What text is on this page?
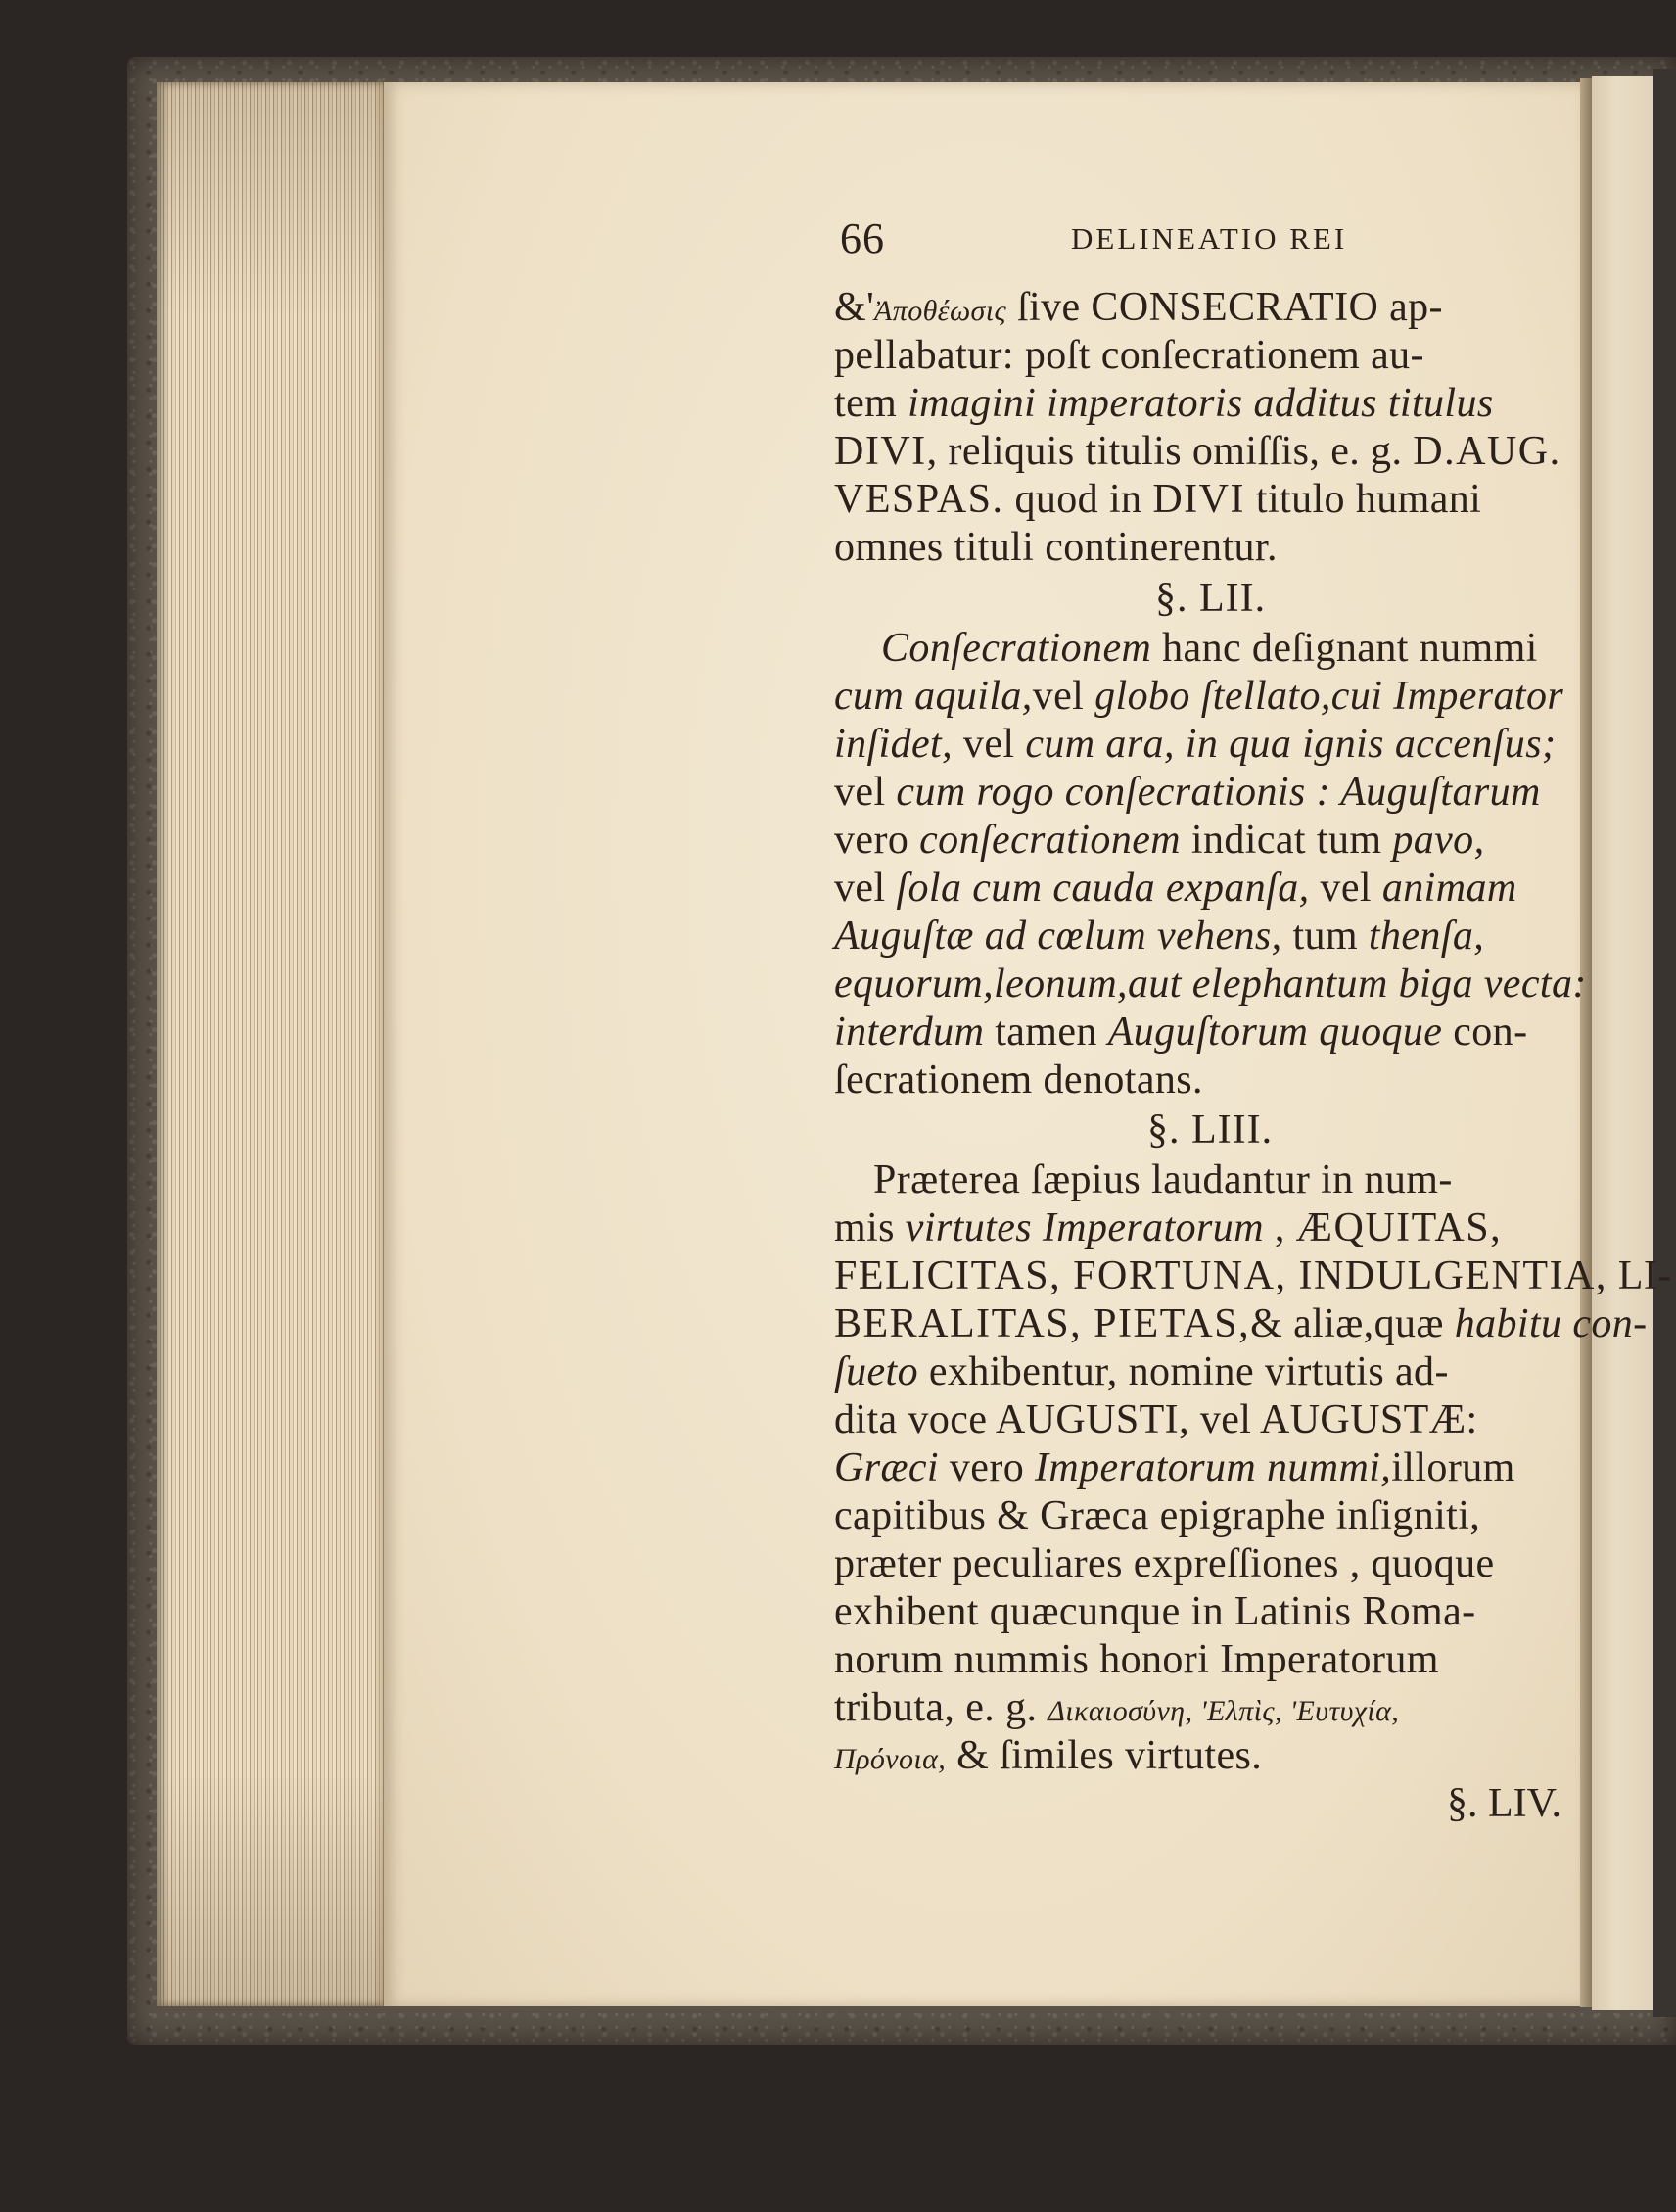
66	DELINEATIO REI
&'Ἀποθέωσις ſive CONSECRATIO ap-
pellabatur: poſt conſecrationem au-
tem imagini imperatoris additus titulus
DIVI, reliquis titulis omiſſis, e. g. D.AUG.
VESPAS. quod in DIVI titulo humani
omnes tituli continerentur.
§. LII.
Conſecrationem hanc deſignant nummi
cum aquila,vel globo ſtellato,cui Imperator
inſidet, vel cum ara, in qua ignis accenſus;
vel cum rogo conſecrationis : Auguſtarum
vero conſecrationem indicat tum pavo,
vel ſola cum cauda expanſa, vel animam
Auguſtæ ad cœlum vehens, tum thenſa,
equorum,leonum,aut elephantum biga vecta:
interdum tamen Auguſtorum quoque con-
ſecrationem denotans.
§. LIII.
Præterea ſæpius laudantur in num-
mis virtutes Imperatorum , ÆQUITAS,
FELICITAS, FORTUNA, INDULGENTIA, LI-
BERALITAS, PIETAS,& aliæ,quæ habitu con-
ſueto exhibentur, nomine virtutis ad-
dita voce AUGUSTI, vel AUGUSTÆ:
Græci vero Imperatorum nummi,illorum
capitibus & Græca epigraphe inſigniti,
præter peculiares expreſſiones , quoque
exhibent quæcunque in Latinis Roma-
norum nummis honori Imperatorum
tributa, e. g. Δικαιοσύνη, 'Ελπὶς, 'Ευτυχία,
Πρόνοια, & ſimiles virtutes.
§. LIV.
